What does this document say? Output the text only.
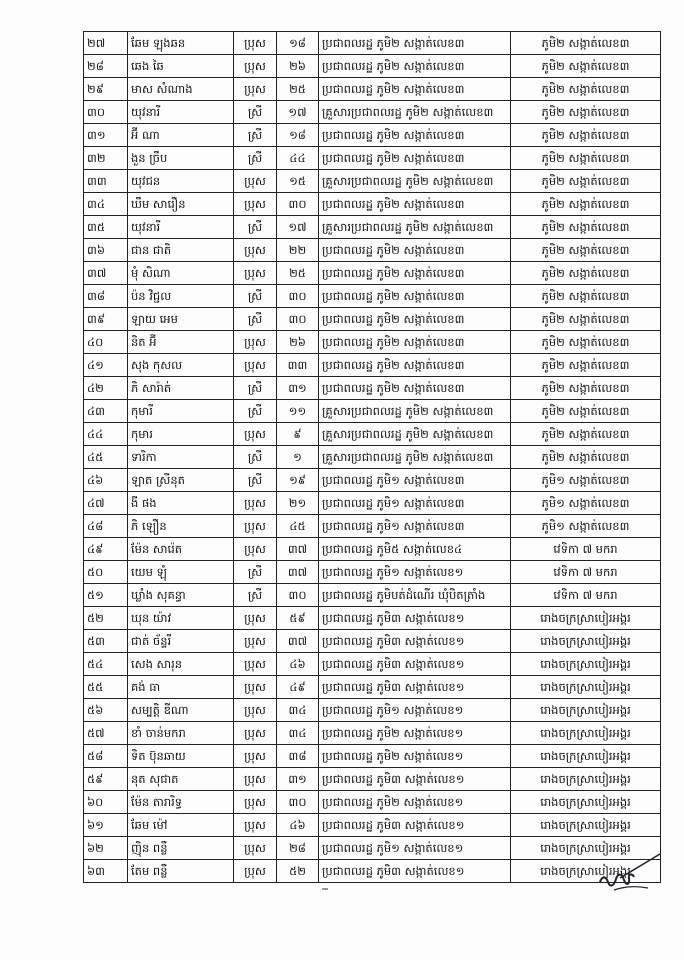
២៧	ឆែម ឡុងឆន	ប្រុស	១៨	ប្រជាពលរដ្ឋ ភូមិ២ សង្កាត់លេខ៣	ភូមិ២ សង្កាត់លេខ៣
២៨	ឆេង ឆៃ	ប្រុស	២៦	ប្រជាពលរដ្ឋ ភូមិ២ សង្កាត់លេខ៣	ភូមិ២ សង្កាត់លេខ៣
២៩	មាស សំណាង	ប្រុស	២៥	ប្រជាពលរដ្ឋ ភូមិ២ សង្កាត់លេខ៣	ភូមិ២ សង្កាត់លេខ៣
៣០	យុវនារី	ស្រី	១៧	គ្រួសារប្រជាពលរដ្ឋ ភូមិ២ សង្កាត់លេខ៣	ភូមិ២ សង្កាត់លេខ៣
៣១	អ៊ី ណា	ស្រី	១៨	ប្រជាពលរដ្ឋ ភូមិ២ សង្កាត់លេខ៣	ភូមិ២ សង្កាត់លេខ៣
៣២	ងួន ច្រឹប	ស្រី	៤៤	ប្រជាពលរដ្ឋ ភូមិ២ សង្កាត់លេខ៣	ភូមិ២ សង្កាត់លេខ៣
៣៣	យុវជន	ប្រុស	១៥	គ្រួសារប្រជាពលរដ្ឋ ភូមិ២ សង្កាត់លេខ៣	ភូមិ២ សង្កាត់លេខ៣
៣៤	ឃឹម សារឿន	ប្រុស	៣០	ប្រជាពលរដ្ឋ ភូមិ២ សង្កាត់លេខ៣	ភូមិ២ សង្កាត់លេខ៣
៣៥	យុវនារី	ស្រី	១៧	គ្រួសារប្រជាពលរដ្ឋ ភូមិ២ សង្កាត់លេខ៣	ភូមិ២ សង្កាត់លេខ៣
៣៦	ជាន ជាតិ	ប្រុស	២២	ប្រជាពលរដ្ឋ ភូមិ២ សង្កាត់លេខ៣	ភូមិ២ សង្កាត់លេខ៣
៣៧	មុំ សិណា	ប្រុស	២៥	ប្រជាពលរដ្ឋ ភូមិ២ សង្កាត់លេខ៣	ភូមិ២ សង្កាត់លេខ៣
៣៨	ប៉ន វិជ្ជល	ស្រី	៣០	ប្រជាពលរដ្ឋ ភូមិ២ សង្កាត់លេខ៣	ភូមិ២ សង្កាត់លេខ៣
៣៩	ឡាយ អេម	ស្រី	៣០	ប្រជាពលរដ្ឋ ភូមិ២ សង្កាត់លេខ៣	ភូមិ២ សង្កាត់លេខ៣
៤០	និត អ៊ី	ប្រុស	២៦	ប្រជាពលរដ្ឋ ភូមិ២ សង្កាត់លេខ៣	ភូមិ២ សង្កាត់លេខ៣
៤១	សុង កុសល	ប្រុស	៣៣	ប្រជាពលរដ្ឋ ភូមិ២ សង្កាត់លេខ៣	ភូមិ២ សង្កាត់លេខ៣
៤២	ភិ សារ៉ាត់	ស្រី	៣១	ប្រជាពលរដ្ឋ ភូមិ២ សង្កាត់លេខ៣	ភូមិ២ សង្កាត់លេខ៣
៤៣	កុមារី	ស្រី	១១	គ្រួសារប្រជាពលរដ្ឋ ភូមិ២ សង្កាត់លេខ៣	ភូមិ២ សង្កាត់លេខ៣
៤៤	កុមារ	ប្រុស	៩	គ្រួសារប្រជាពលរដ្ឋ ភូមិ២ សង្កាត់លេខ៣	ភូមិ២ សង្កាត់លេខ៣
៤៥	ទារិកា	ស្រី	១	គ្រួសារប្រជាពលរដ្ឋ ភូមិ២ សង្កាត់លេខ៣	ភូមិ២ សង្កាត់លេខ៣
៤៦	ឡាត ស្រីនុត	ស្រី	១៩	ប្រជាពលរដ្ឋ ភូមិ១ សង្កាត់លេខ៣	ភូមិ១ សង្កាត់លេខ៣
៤៧	ងី ផង	ប្រុស	២១	ប្រជាពលរដ្ឋ ភូមិ១ សង្កាត់លេខ៣	ភូមិ១ សង្កាត់លេខ៣
៤៨	ភិ ឡឿន	ប្រុស	៤៥	ប្រជាពលរដ្ឋ ភូមិ១ សង្កាត់លេខ៣	ភូមិ១ សង្កាត់លេខ៣
៤៩	ម៉ែន សារ៉េត	ប្រុស	៣៧	ប្រជាពលរដ្ឋ ភូមិ៥ សង្កាត់លេខ៤	វេទិកា ៧ មករា
៥០	យេម ឡុំ	ស្រី	៣៧	ប្រជាពលរដ្ឋ ភូមិ១ សង្កាត់លេខ១	វេទិកា ៧ មករា
៥១	ឃ្លាំង សុគន្ធា	ស្រី	៣០	ប្រជាពលរដ្ឋ ភូមិបត់ដំណើរ ឃុំបិតត្រាំង	វេទិកា ៧ មករា
៥២	ឃុន យ៉ាវ	ប្រុស	៥៩	ប្រជាពលរដ្ឋ ភូមិ៣ សង្កាត់លេខ១	រោងចក្រស្រាបៀរអង្គរ
៥៣	ជាត់ ច័ន្ទរី	ប្រុស	៣៧	ប្រជាពលរដ្ឋ ភូមិ៣ សង្កាត់លេខ១	រោងចក្រស្រាបៀរអង្គរ
៥៤	សេង សារុន	ប្រុស	៤៦	ប្រជាពលរដ្ឋ ភូមិ៣ សង្កាត់លេខ១	រោងចក្រស្រាបៀរអង្គរ
៥៥	គង់ ធា	ប្រុស	៤៩	ប្រជាពលរដ្ឋ ភូមិ៣ សង្កាត់លេខ១	រោងចក្រស្រាបៀរអង្គរ
៥៦	សម្បត្តិ ឌីណា	ប្រុស	៣៤	ប្រជាពលរដ្ឋ ភូមិ១ សង្កាត់លេខ១	រោងចក្រស្រាបៀរអង្គរ
៥៧	ខាំ ចាន់មករា	ប្រុស	៣៤	ប្រជាពលរដ្ឋ ភូមិ២ សង្កាត់លេខ១	រោងចក្រស្រាបៀរអង្គរ
៥៨	ទិត ប៊ុនឆាយ	ប្រុស	៣៨	ប្រជាពលរដ្ឋ ភូមិ២ សង្កាត់លេខ១	រោងចក្រស្រាបៀរអង្គរ
៥៩	នុត សុជាត	ប្រុស	៣១	ប្រជាពលរដ្ឋ ភូមិ៣ សង្កាត់លេខ១	រោងចក្រស្រាបៀរអង្គរ
៦០	ម៉ែន តារារិទ្ធ	ប្រុស	៣០	ប្រជាពលរដ្ឋ ភូមិ២ សង្កាត់លេខ១	រោងចក្រស្រាបៀរអង្គរ
៦១	ឆែម ម៉ៅ	ប្រុស	៤៦	ប្រជាពលរដ្ឋ ភូមិ៣ សង្កាត់លេខ១	រោងចក្រស្រាបៀរអង្គរ
៦២	ញ៉ិន ពន្លឺ	ប្រុស	២៨	ប្រជាពលរដ្ឋ ភូមិ១ សង្កាត់លេខ១	រោងចក្រស្រាបៀរអង្គរ
៦៣	តែម ពន្លឺ	ប្រុស	៥២	ប្រជាពលរដ្ឋ ភូមិ៣ សង្កាត់លេខ១	រោងចក្រស្រាបៀរអង្គរ
